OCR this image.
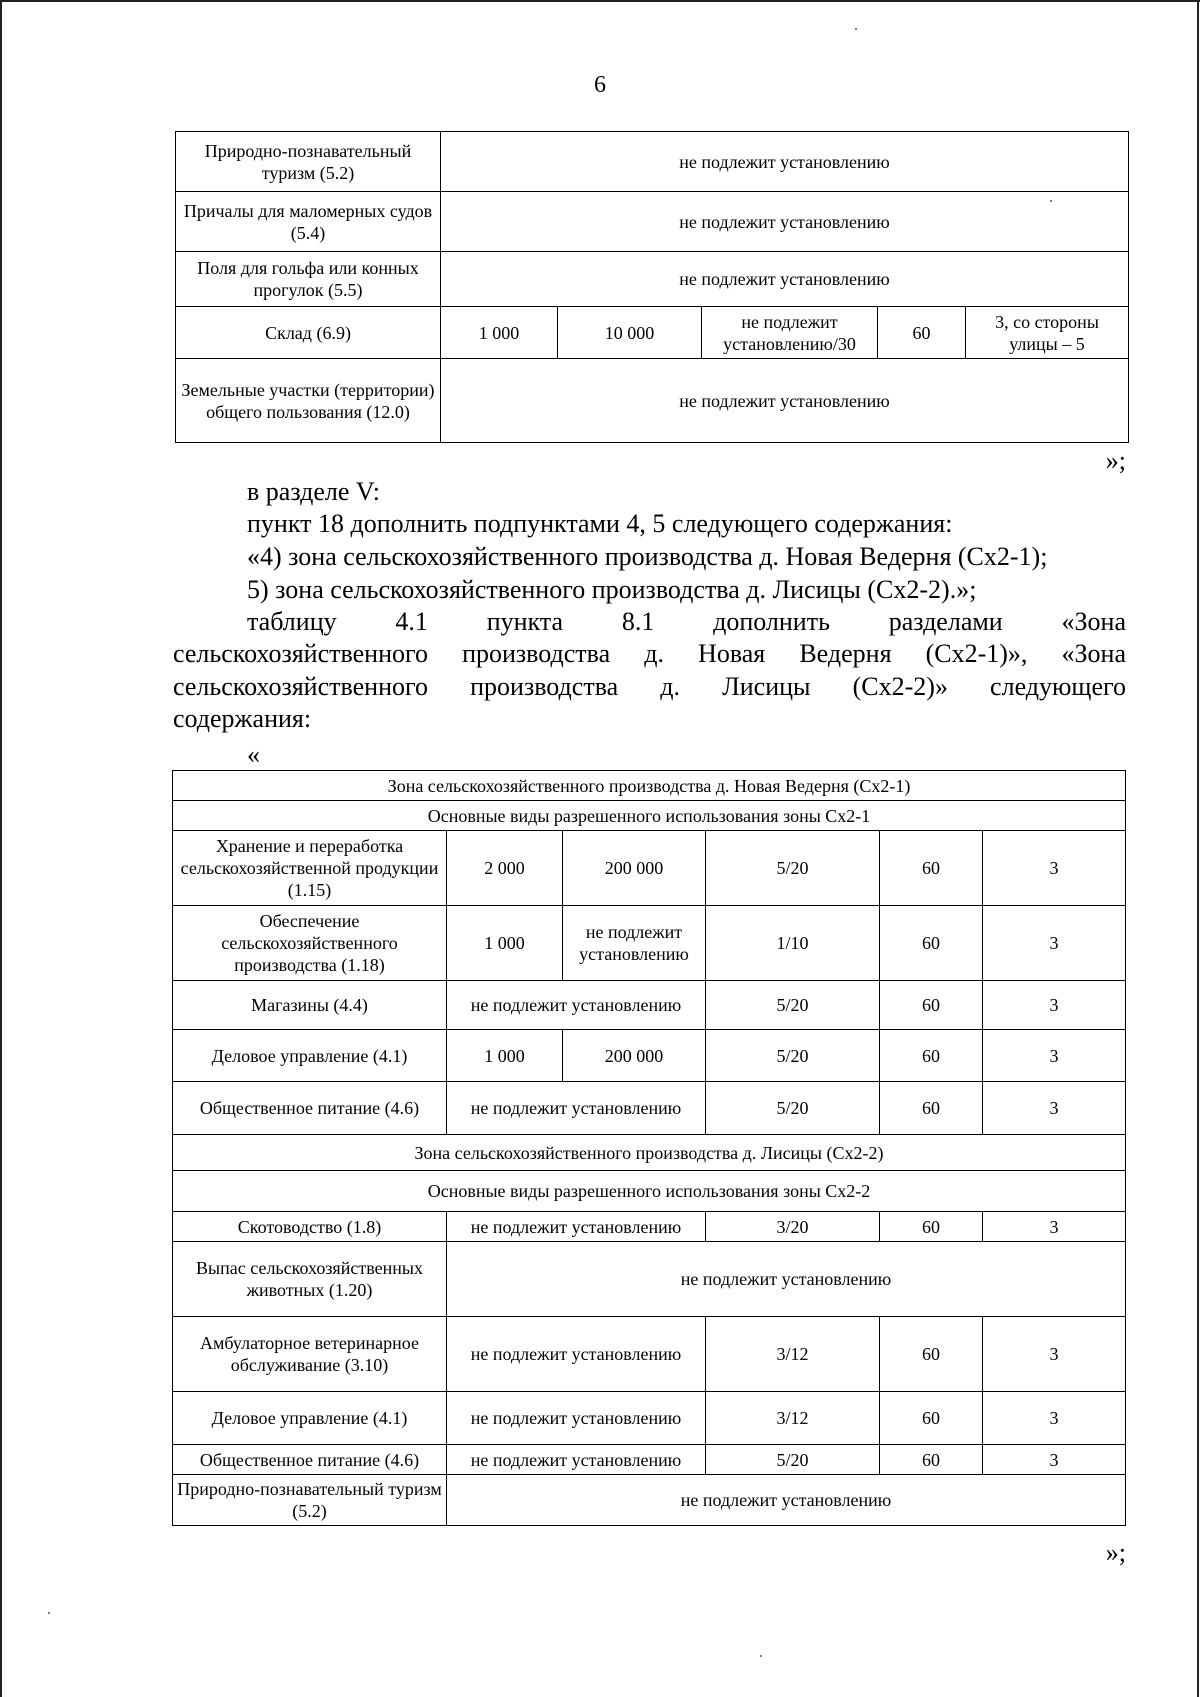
6
Природно-познавательный туризм (5.2)	не подлежит установлению				
Причалы для маломерных судов (5.4)	не подлежит установлению				
Поля для гольфа или конных прогулок (5.5)	не подлежит установлению				
Склад (6.9)	1 000	10 000	не подлежит установлению/30	60	3, со стороны улицы – 5
Земельные участки (территории) общего пользования (12.0)	не подлежит установлению				
»;
в разделе V:
пункт 18 дополнить подпунктами 4, 5 следующего содержания:
«4) зона сельскохозяйственного производства д. Новая Ведерня (Сх2-1);
5) зона сельскохозяйственного производства д. Лисицы (Сх2-2).»;
таблицу 4.1 пункта 8.1 дополнить разделами «Зона
сельскохозяйственного производства д. Новая Ведерня (Сх2-1)», «Зона
сельскохозяйственного производства д. Лисицы (Сх2-2)» следующего
содержания:
«
Зона сельскохозяйственного производства д. Новая Ведерня (Сх2-1)					
Основные виды разрешенного использования зоны Сх2-1					
Хранение и переработка сельскохозяйственной продукции (1.15)	2 000	200 000	5/20	60	3
Обеспечение сельскохозяйственного производства (1.18)	1 000	не подлежит установлению	1/10	60	3
Магазины (4.4)	не подлежит установлению		5/20	60	3
Деловое управление (4.1)	1 000	200 000	5/20	60	3
Общественное питание (4.6)	не подлежит установлению		5/20	60	3
Зона сельскохозяйственного производства д. Лисицы (Сх2-2)					
Основные виды разрешенного использования зоны Сх2-2					
Скотоводство (1.8)	не подлежит установлению		3/20	60	3
Выпас сельскохозяйственных животных (1.20)	не подлежит установлению				
Амбулаторное ветеринарное обслуживание (3.10)	не подлежит установлению		3/12	60	3
Деловое управление (4.1)	не подлежит установлению		3/12	60	3
Общественное питание (4.6)	не подлежит установлению		5/20	60	3
Природно-познавательный туризм (5.2)	не подлежит установлению				
»;
